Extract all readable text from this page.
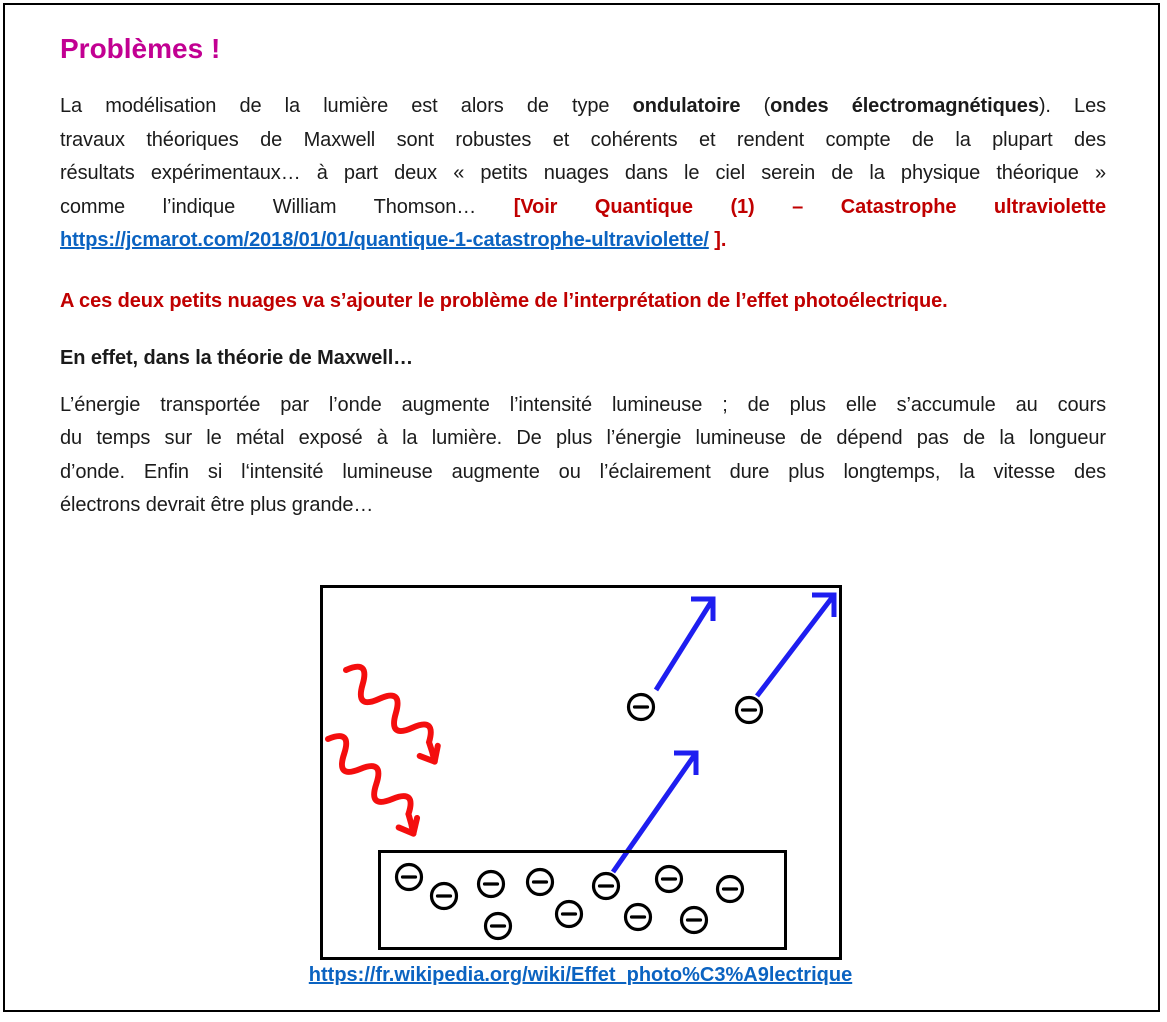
Problèmes !
La modélisation de la lumière est alors de type ondulatoire (ondes électromagnétiques). Les
travaux théoriques de Maxwell sont robustes et cohérents et rendent compte de la plupart des
résultats expérimentaux… à part deux « petits nuages dans le ciel serein de la physique théorique »
comme l’indique William Thomson… [Voir Quantique (1) – Catastrophe ultraviolette
https://jcmarot.com/2018/01/01/quantique-1-catastrophe-ultraviolette/ ].
A ces deux petits nuages va s’ajouter le problème de l’interprétation de l’effet photoélectrique.
En effet, dans la théorie de Maxwell…
L’énergie transportée par l’onde augmente l’intensité lumineuse ; de plus elle s’accumule au cours
du temps sur le métal exposé à la lumière. De plus l’énergie lumineuse de dépend pas de la longueur
d’onde. Enfin si l‘intensité lumineuse augmente ou l’éclairement dure plus longtemps, la vitesse des
électrons devrait être plus grande…
https://fr.wikipedia.org/wiki/Effet_photo%C3%A9lectrique
